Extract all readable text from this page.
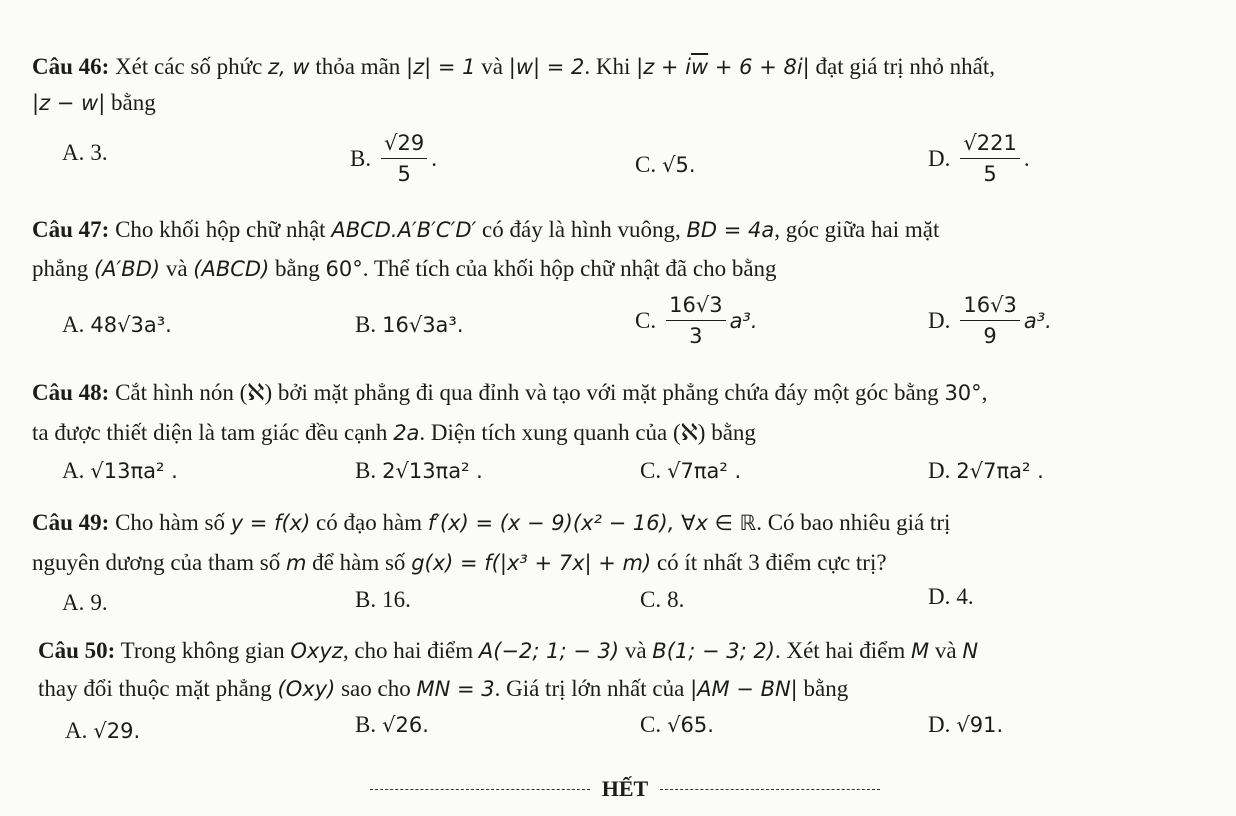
Câu 46: Xét các số phức z, w thỏa mãn |z| = 1 và |w| = 2. Khi $|z + i\overline{w} + 6 + 8i|$ đạt giá trị nhỏ nhất,
|z − w| bằng
A. 3.	B. $\frac{√29}{5}$ .	C. √5.	D. $\frac{√221}{5}$ .
Câu 47: Cho khối hộp chữ nhật ABCD.A′B′C′D′ có đáy là hình vuông, BD = 4a, góc giữa hai mặt
phẳng (A′BD) và (ABCD) bằng 60°. Thể tích của khối hộp chữ nhật đã cho bằng
A. 48√3a³.	B. 16√3a³.	C. $\frac{16√3}{3} a^3$.	D. $\frac{16√3}{9} a^3$.
Câu 48: Cắt hình nón (ℵ) bởi mặt phẳng đi qua đỉnh và tạo với mặt phẳng chứa đáy một góc bằng 30°,
ta được thiết diện là tam giác đều cạnh 2a. Diện tích xung quanh của (ℵ) bằng
A. √13πa² .	B. 2√13πa² .	C. √7πa² .	D. 2√7πa² .
Câu 49: Cho hàm số y = f(x) có đạo hàm f′(x) = (x − 9)(x² − 16), ∀x ∈ ℝ. Có bao nhiêu giá trị
nguyên dương của tham số m để hàm số g(x) = f(|x³ + 7x| + m) có ít nhất 3 điểm cực trị?
A. 9.	B. 16.	C. 8.	D. 4.
Câu 50: Trong không gian Oxyz, cho hai điểm A(−2; 1; − 3) và B(1; − 3; 2). Xét hai điểm M và N
thay đổi thuộc mặt phẳng (Oxy) sao cho MN = 3. Giá trị lớn nhất của |AM − BN| bằng
A. √29.	B. √26.	C. √65.	D. √91.
HẾT
